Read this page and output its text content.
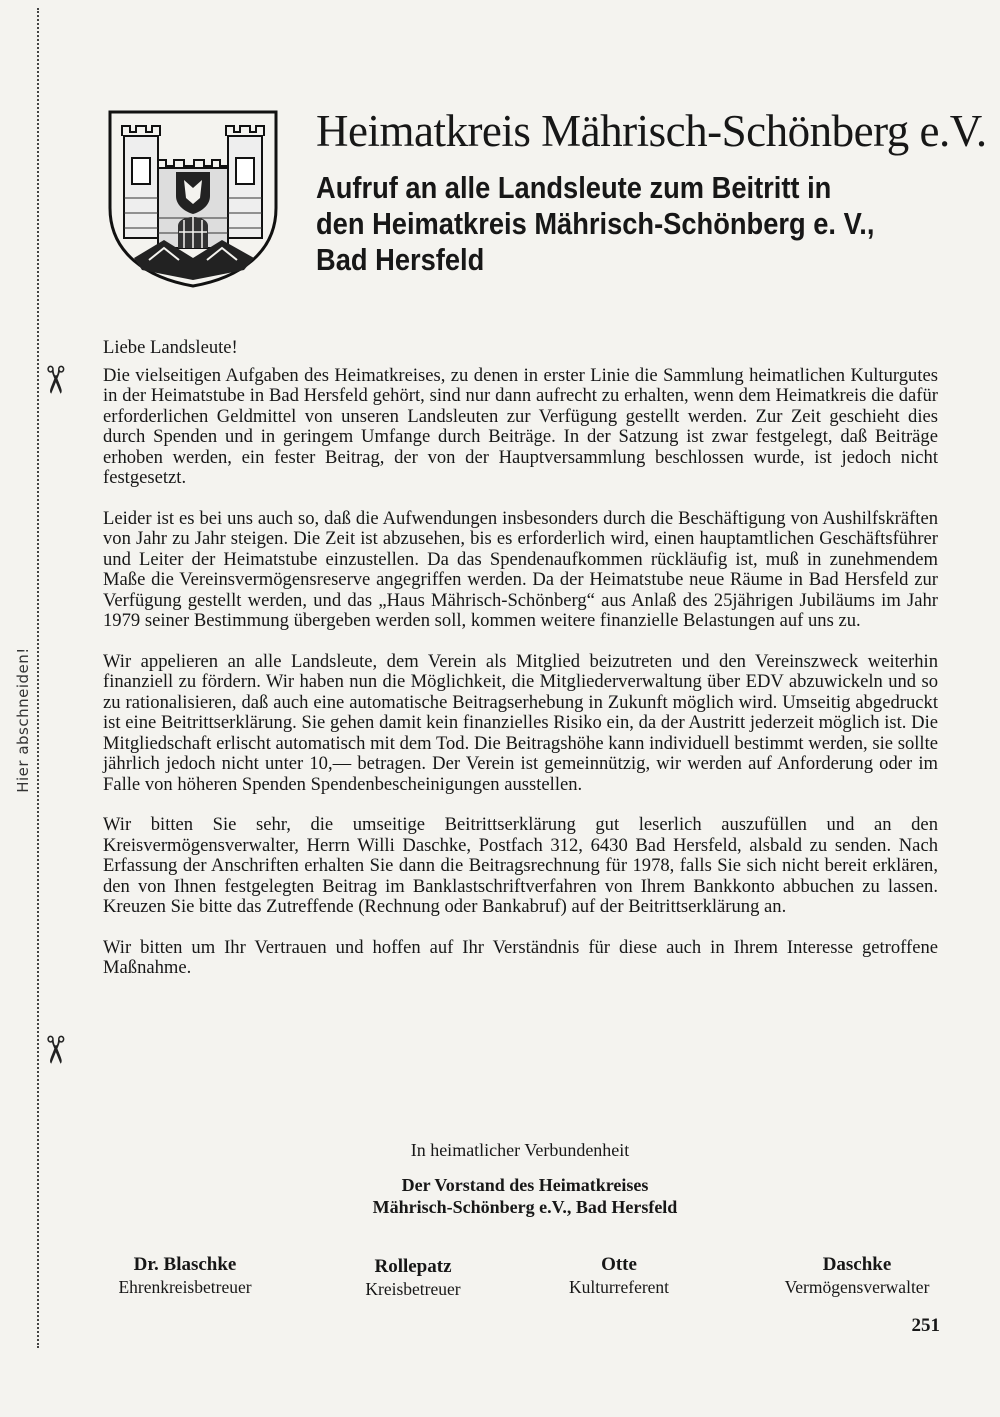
✂
✂
Hier abschneiden!
Heimatkreis Mährisch-Schönberg e.V.
Aufruf an alle Landsleute zum Beitritt in
den Heimatkreis Mährisch-Schönberg e. V.,
Bad Hersfeld

Liebe Landsleute!

Die vielseitigen Aufgaben des Heimatkreises, zu denen in erster Linie die Sammlung heimatlichen Kulturgutes in der Heimatstube in Bad Hersfeld gehört, sind nur dann aufrecht zu erhalten, wenn dem Heimatkreis die dafür erforderlichen Geldmittel von unseren Landsleuten zur Verfügung gestellt werden. Zur Zeit geschieht dies durch Spenden und in geringem Umfange durch Beiträge. In der Satzung ist zwar festgelegt, daß Beiträge erhoben werden, ein fester Beitrag, der von der Hauptversammlung beschlossen wurde, ist jedoch nicht festgesetzt.

Leider ist es bei uns auch so, daß die Aufwendungen insbesonders durch die Beschäftigung von Aushilfskräften von Jahr zu Jahr steigen. Die Zeit ist abzusehen, bis es erforderlich wird, einen hauptamtlichen Geschäftsführer und Leiter der Heimatstube einzustellen. Da das Spendenaufkommen rückläufig ist, muß in zunehmendem Maße die Vereinsvermögensreserve angegriffen werden. Da der Heimatstube neue Räume in Bad Hersfeld zur Verfügung gestellt werden, und das „Haus Mährisch-Schönberg“ aus Anlaß des 25jährigen Jubiläums im Jahr 1979 seiner Bestimmung übergeben werden soll, kommen weitere finanzielle Belastungen auf uns zu.

Wir appelieren an alle Landsleute, dem Verein als Mitglied beizutreten und den Vereinszweck weiterhin finanziell zu fördern. Wir haben nun die Möglichkeit, die Mitgliederverwaltung über EDV abzuwickeln und so zu rationalisieren, daß auch eine automatische Beitragserhebung in Zukunft möglich wird. Umseitig abgedruckt ist eine Beitrittserklärung. Sie gehen damit kein finanzielles Risiko ein, da der Austritt jederzeit möglich ist. Die Mitgliedschaft erlischt automatisch mit dem Tod. Die Beitragshöhe kann individuell bestimmt werden, sie sollte jährlich jedoch nicht unter 10,— betragen. Der Verein ist gemeinnützig, wir werden auf Anforderung oder im Falle von höheren Spenden Spendenbescheinigungen ausstellen.

Wir bitten Sie sehr, die umseitige Beitrittserklärung gut leserlich auszufüllen und an den Kreisvermögensverwalter, Herrn Willi Daschke, Postfach 312, 6430 Bad Hersfeld, alsbald zu senden. Nach Erfassung der Anschriften erhalten Sie dann die Beitragsrechnung für 1978, falls Sie sich nicht bereit erklären, den von Ihnen festgelegten Beitrag im Banklastschriftverfahren von Ihrem Bankkonto abbuchen zu lassen. Kreuzen Sie bitte das Zutreffende (Rechnung oder Bankabruf) auf der Beitrittserklärung an.

Wir bitten um Ihr Vertrauen und hoffen auf Ihr Verständnis für diese auch in Ihrem Interesse getroffene Maßnahme.

In heimatlicher Verbundenheit
Der Vorstand des Heimatkreises
Mährisch-Schönberg e.V., Bad Hersfeld
Dr. Blaschke
Ehrenkreisbetreuer
Rollepatz
Kreisbetreuer
Otte
Kulturreferent
Daschke
Vermögensverwalter
251
